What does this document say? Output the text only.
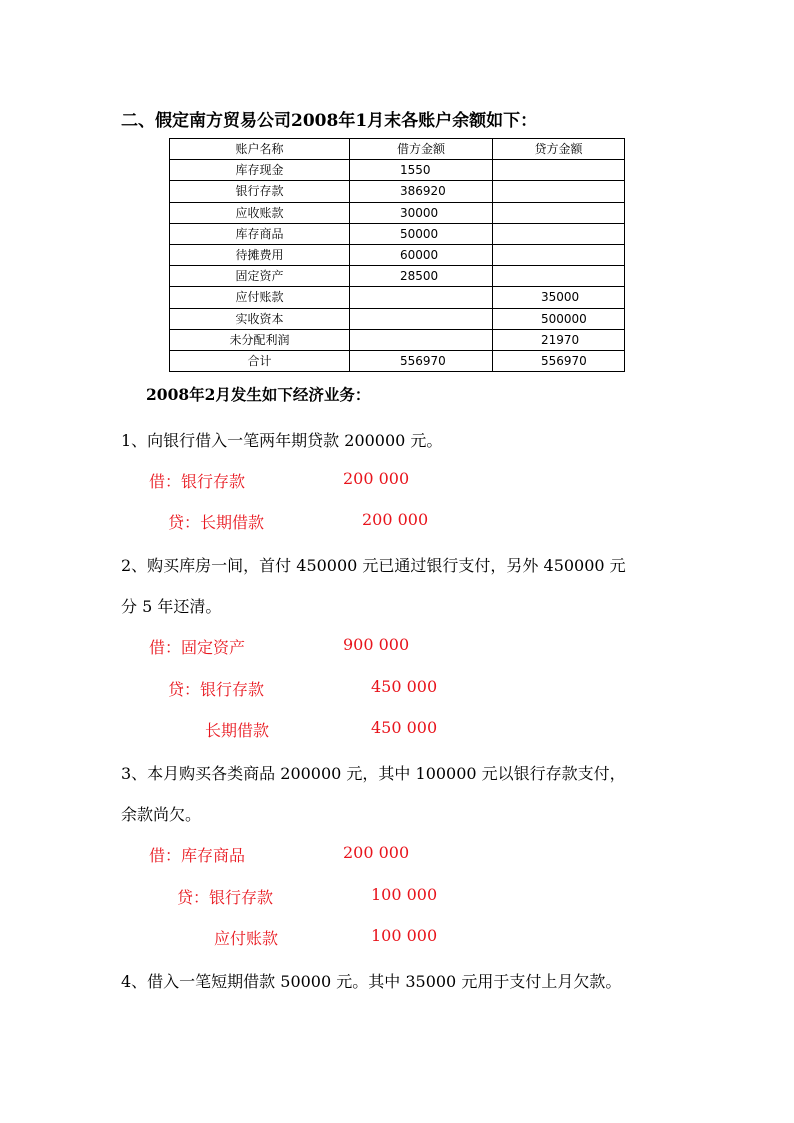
二、假定南方贸易公司2008年1月末各账户余额如下：
账户名称	借方金额	贷方金额
库存现金	1550	
银行存款	386920	
应收账款	30000	
库存商品	50000	
待摊费用	60000	
固定资产	28500	
应付账款		35000
实收资本		500000
未分配利润		21970
合计	556970	556970
2008年2月发生如下经济业务：
1、向银行借入一笔两年期贷款 200000 元。
借：银行存款	200 000
贷：长期借款	200 000
2、购买库房一间，首付 450000 元已通过银行支付，另外 450000 元
分 5 年还清。
借：固定资产	900 000
贷：银行存款	450 000
长期借款	450 000
3、本月购买各类商品 200000 元，其中 100000 元以银行存款支付，
余款尚欠。
借：库存商品	200 000
贷：银行存款	100 000
应付账款	100 000
4、借入一笔短期借款 50000 元。其中 35000 元用于支付上月欠款。
